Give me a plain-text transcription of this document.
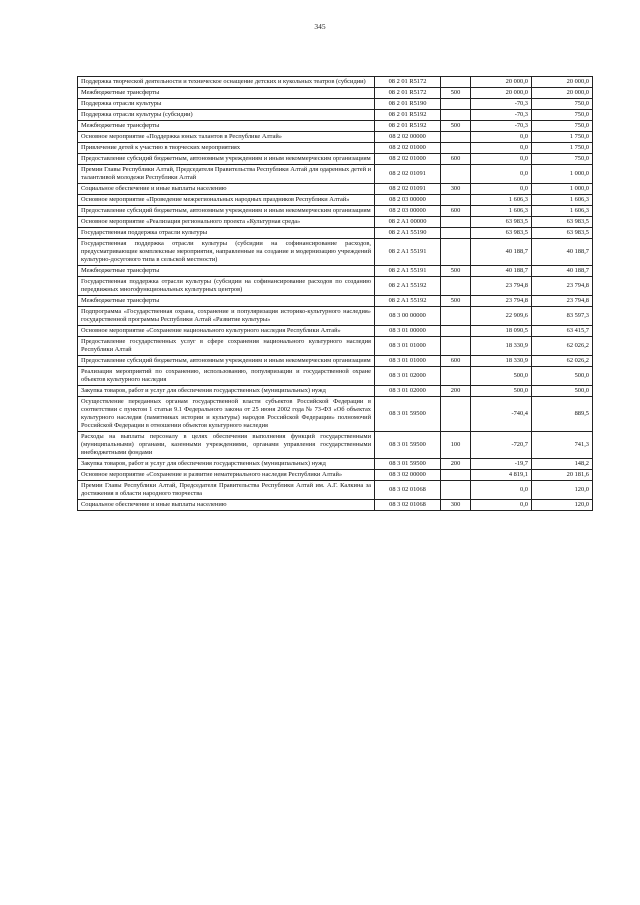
345
Поддержка творческой деятельности и техническое оснащение детских и кукольных театров (субсидии)	08 2 01 R5172		20 000,0	20 000,0
Межбюджетные трансферты	08 2 01 R5172	500	20 000,0	20 000,0
Поддержка отрасли культуры	08 2 01 R5190		-70,3	750,0
Поддержка отрасли культуры (субсидии)	08 2 01 R5192		-70,3	750,0
Межбюджетные трансферты	08 2 01 R5192	500	-70,3	750,0
Основное мероприятие «Поддержка юных талантов в Республике Алтай»	08 2 02 00000		0,0	1 750,0
Привлечение детей к участию в творческих мероприятиях	08 2 02 01000		0,0	1 750,0
Предоставление субсидий бюджетным, автономным учреждениям и иным некоммерческим организациям	08 2 02 01000	600	0,0	750,0
Премии Главы Республики Алтай, Председателя Правительства Республики Алтай для одаренных детей и талантливой молодежи Республики Алтай	08 2 02 01091		0,0	1 000,0
Социальное обеспечение и иные выплаты населению	08 2 02 01091	300	0,0	1 000,0
Основное мероприятие «Проведение межрегиональных народных праздников Республики Алтай»	08 2 03 00000		1 606,3	1 606,3
Предоставление субсидий бюджетным, автономным учреждениям и иным некоммерческим организациям	08 2 03 00000	600	1 606,3	1 606,3
Основное мероприятие «Реализация регионального проекта «Культурная среда»	08 2 A1 00000		63 983,5	63 983,5
Государственная поддержка отрасли культуры	08 2 A1 55190		63 983,5	63 983,5
Государственная поддержка отрасли культуры (субсидии на софинансирование расходов, предусматривающие комплексные мероприятия, направленные на создание и модернизацию учреждений культурно-досугового типа в сельской местности)	08 2 A1 55191		40 188,7	40 188,7
Межбюджетные трансферты	08 2 A1 55191	500	40 188,7	40 188,7
Государственная поддержка отрасли культуры (субсидии на софинансирование расходов по созданию передвижных многофункциональных культурных центров)	08 2 A1 55192		23 794,8	23 794,8
Межбюджетные трансферты	08 2 A1 55192	500	23 794,8	23 794,8
Подпрограмма «Государственная охрана, сохранение и популяризация историко-культурного наследия» государственной программы Республики Алтай «Развитие культуры»	08 3 00 00000		22 909,6	83 597,3
Основное мероприятие «Сохранение национального культурного наследия Республики Алтай»	08 3 01 00000		18 090,5	63 415,7
Предоставление государственных услуг в сфере сохранения национального культурного наследия Республики Алтай	08 3 01 01000		18 330,9	62 026,2
Предоставление субсидий бюджетным, автономным учреждениям и иным некоммерческим организациям	08 3 01 01000	600	18 330,9	62 026,2
Реализация мероприятий по сохранению, использованию, популяризации и государственной охране объектов культурного наследия	08 3 01 02000		500,0	500,0
Закупка товаров, работ и услуг для обеспечения государственных (муниципальных) нужд	08 3 01 02000	200	500,0	500,0
Осуществление переданных органам государственной власти субъектов Российской Федерации в соответствии с пунктом 1 статьи 9.1 Федерального закона от 25 июня 2002 года № 73-ФЗ «Об объектах культурного наследия (памятниках истории и культуры) народов Российской Федерации» полномочий Российской Федерации в отношении объектов культурного наследия	08 3 01 59500		-740,4	889,5
Расходы на выплаты персоналу в целях обеспечения выполнения функций государственными (муниципальными) органами, казенными учреждениями, органами управления государственными внебюджетными фондами	08 3 01 59500	100	-720,7	741,3
Закупка товаров, работ и услуг для обеспечения государственных (муниципальных) нужд	08 3 01 59500	200	-19,7	148,2
Основное мероприятие «Сохранение и развитие нематериального наследия Республики Алтай»	08 3 02 00000		4 819,1	20 181,6
Премии Главы Республики Алтай, Председателя Правительства Республики Алтай им. А.Г. Калкина за достижения в области народного творчества	08 3 02 01068		0,0	120,0
Социальное обеспечение и иные выплаты населению	08 3 02 01068	300	0,0	120,0
